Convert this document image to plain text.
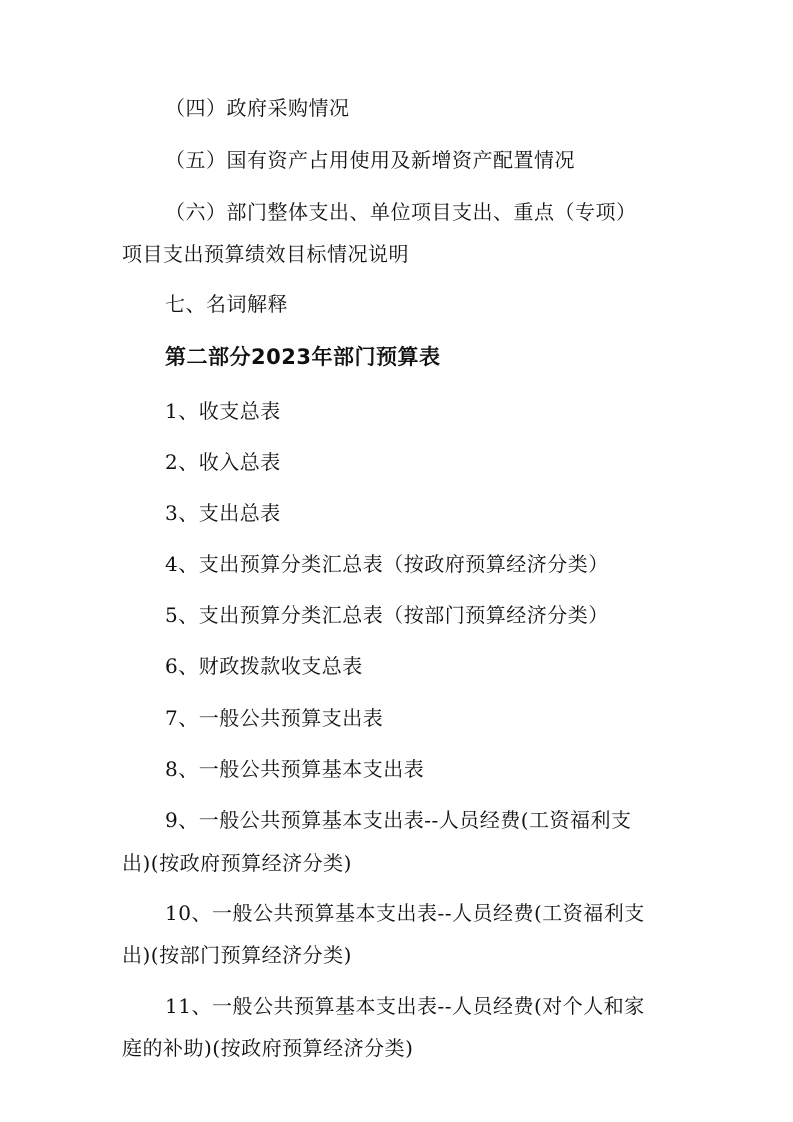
（四）政府采购情况

（五）国有资产占用使用及新增资产配置情况

（六）部门整体支出、单位项目支出、重点（专项）

项目支出预算绩效目标情况说明

七、名词解释

第二部分2023年部门预算表

1、收支总表

2、收入总表

3、支出总表

4、支出预算分类汇总表（按政府预算经济分类）

5、支出预算分类汇总表（按部门预算经济分类）

6、财政拨款收支总表

7、一般公共预算支出表

8、一般公共预算基本支出表

9、一般公共预算基本支出表--人员经费(工资福利支

出)(按政府预算经济分类)

10、一般公共预算基本支出表--人员经费(工资福利支

出)(按部门预算经济分类)

11、一般公共预算基本支出表--人员经费(对个人和家

庭的补助)(按政府预算经济分类)
